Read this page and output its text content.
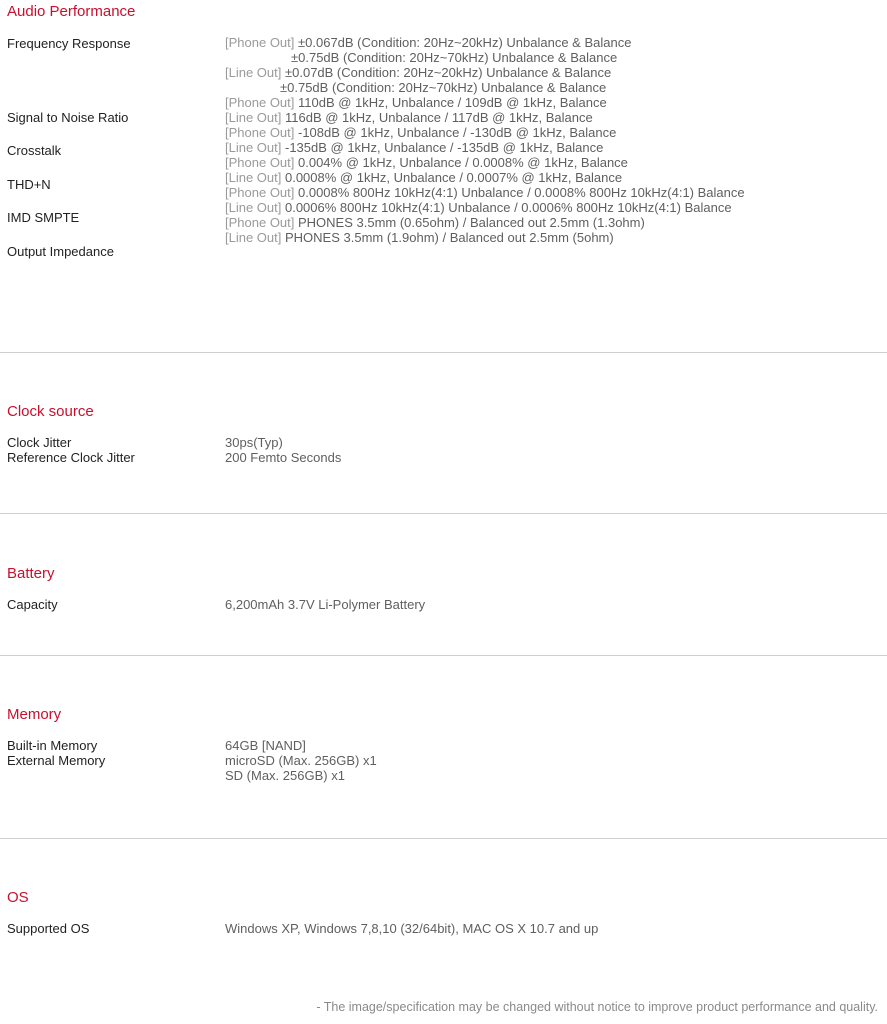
Audio Performance
Frequency Response
Signal to Noise Ratio
Crosstalk
THD+N
IMD SMPTE
Output Impedance
[Phone Out] ±0.067dB (Condition: 20Hz~20kHz) Unbalance & Balance
±0.75dB (Condition: 20Hz~70kHz) Unbalance & Balance
[Line Out] ±0.07dB (Condition: 20Hz~20kHz) Unbalance & Balance
±0.75dB (Condition: 20Hz~70kHz) Unbalance & Balance
[Phone Out] 110dB @ 1kHz, Unbalance / 109dB @ 1kHz, Balance
[Line Out] 116dB @ 1kHz, Unbalance / 117dB @ 1kHz, Balance
[Phone Out] -108dB @ 1kHz, Unbalance / -130dB @ 1kHz, Balance
[Line Out] -135dB @ 1kHz, Unbalance / -135dB @ 1kHz, Balance
[Phone Out] 0.004% @ 1kHz, Unbalance / 0.0008% @ 1kHz, Balance
[Line Out] 0.0008% @ 1kHz, Unbalance / 0.0007% @ 1kHz, Balance
[Phone Out] 0.0008% 800Hz 10kHz(4:1) Unbalance / 0.0008% 800Hz 10kHz(4:1) Balance
[Line Out] 0.0006% 800Hz 10kHz(4:1) Unbalance / 0.0006% 800Hz 10kHz(4:1) Balance
[Phone Out] PHONES 3.5mm (0.65ohm) / Balanced out 2.5mm (1.3ohm)
[Line Out] PHONES 3.5mm (1.9ohm) / Balanced out 2.5mm (5ohm)
Clock source
Clock Jitter
Reference Clock Jitter
30ps(Typ)
200 Femto Seconds
Battery
Capacity	6,200mAh 3.7V Li-Polymer Battery
Memory
Built-in Memory
External Memory
64GB [NAND]
microSD (Max. 256GB) x1
SD (Max. 256GB) x1
OS
Supported OS	Windows XP, Windows 7,8,10 (32/64bit), MAC OS X 10.7 and up
- The image/specification may be changed without notice to improve product performance and quality.
